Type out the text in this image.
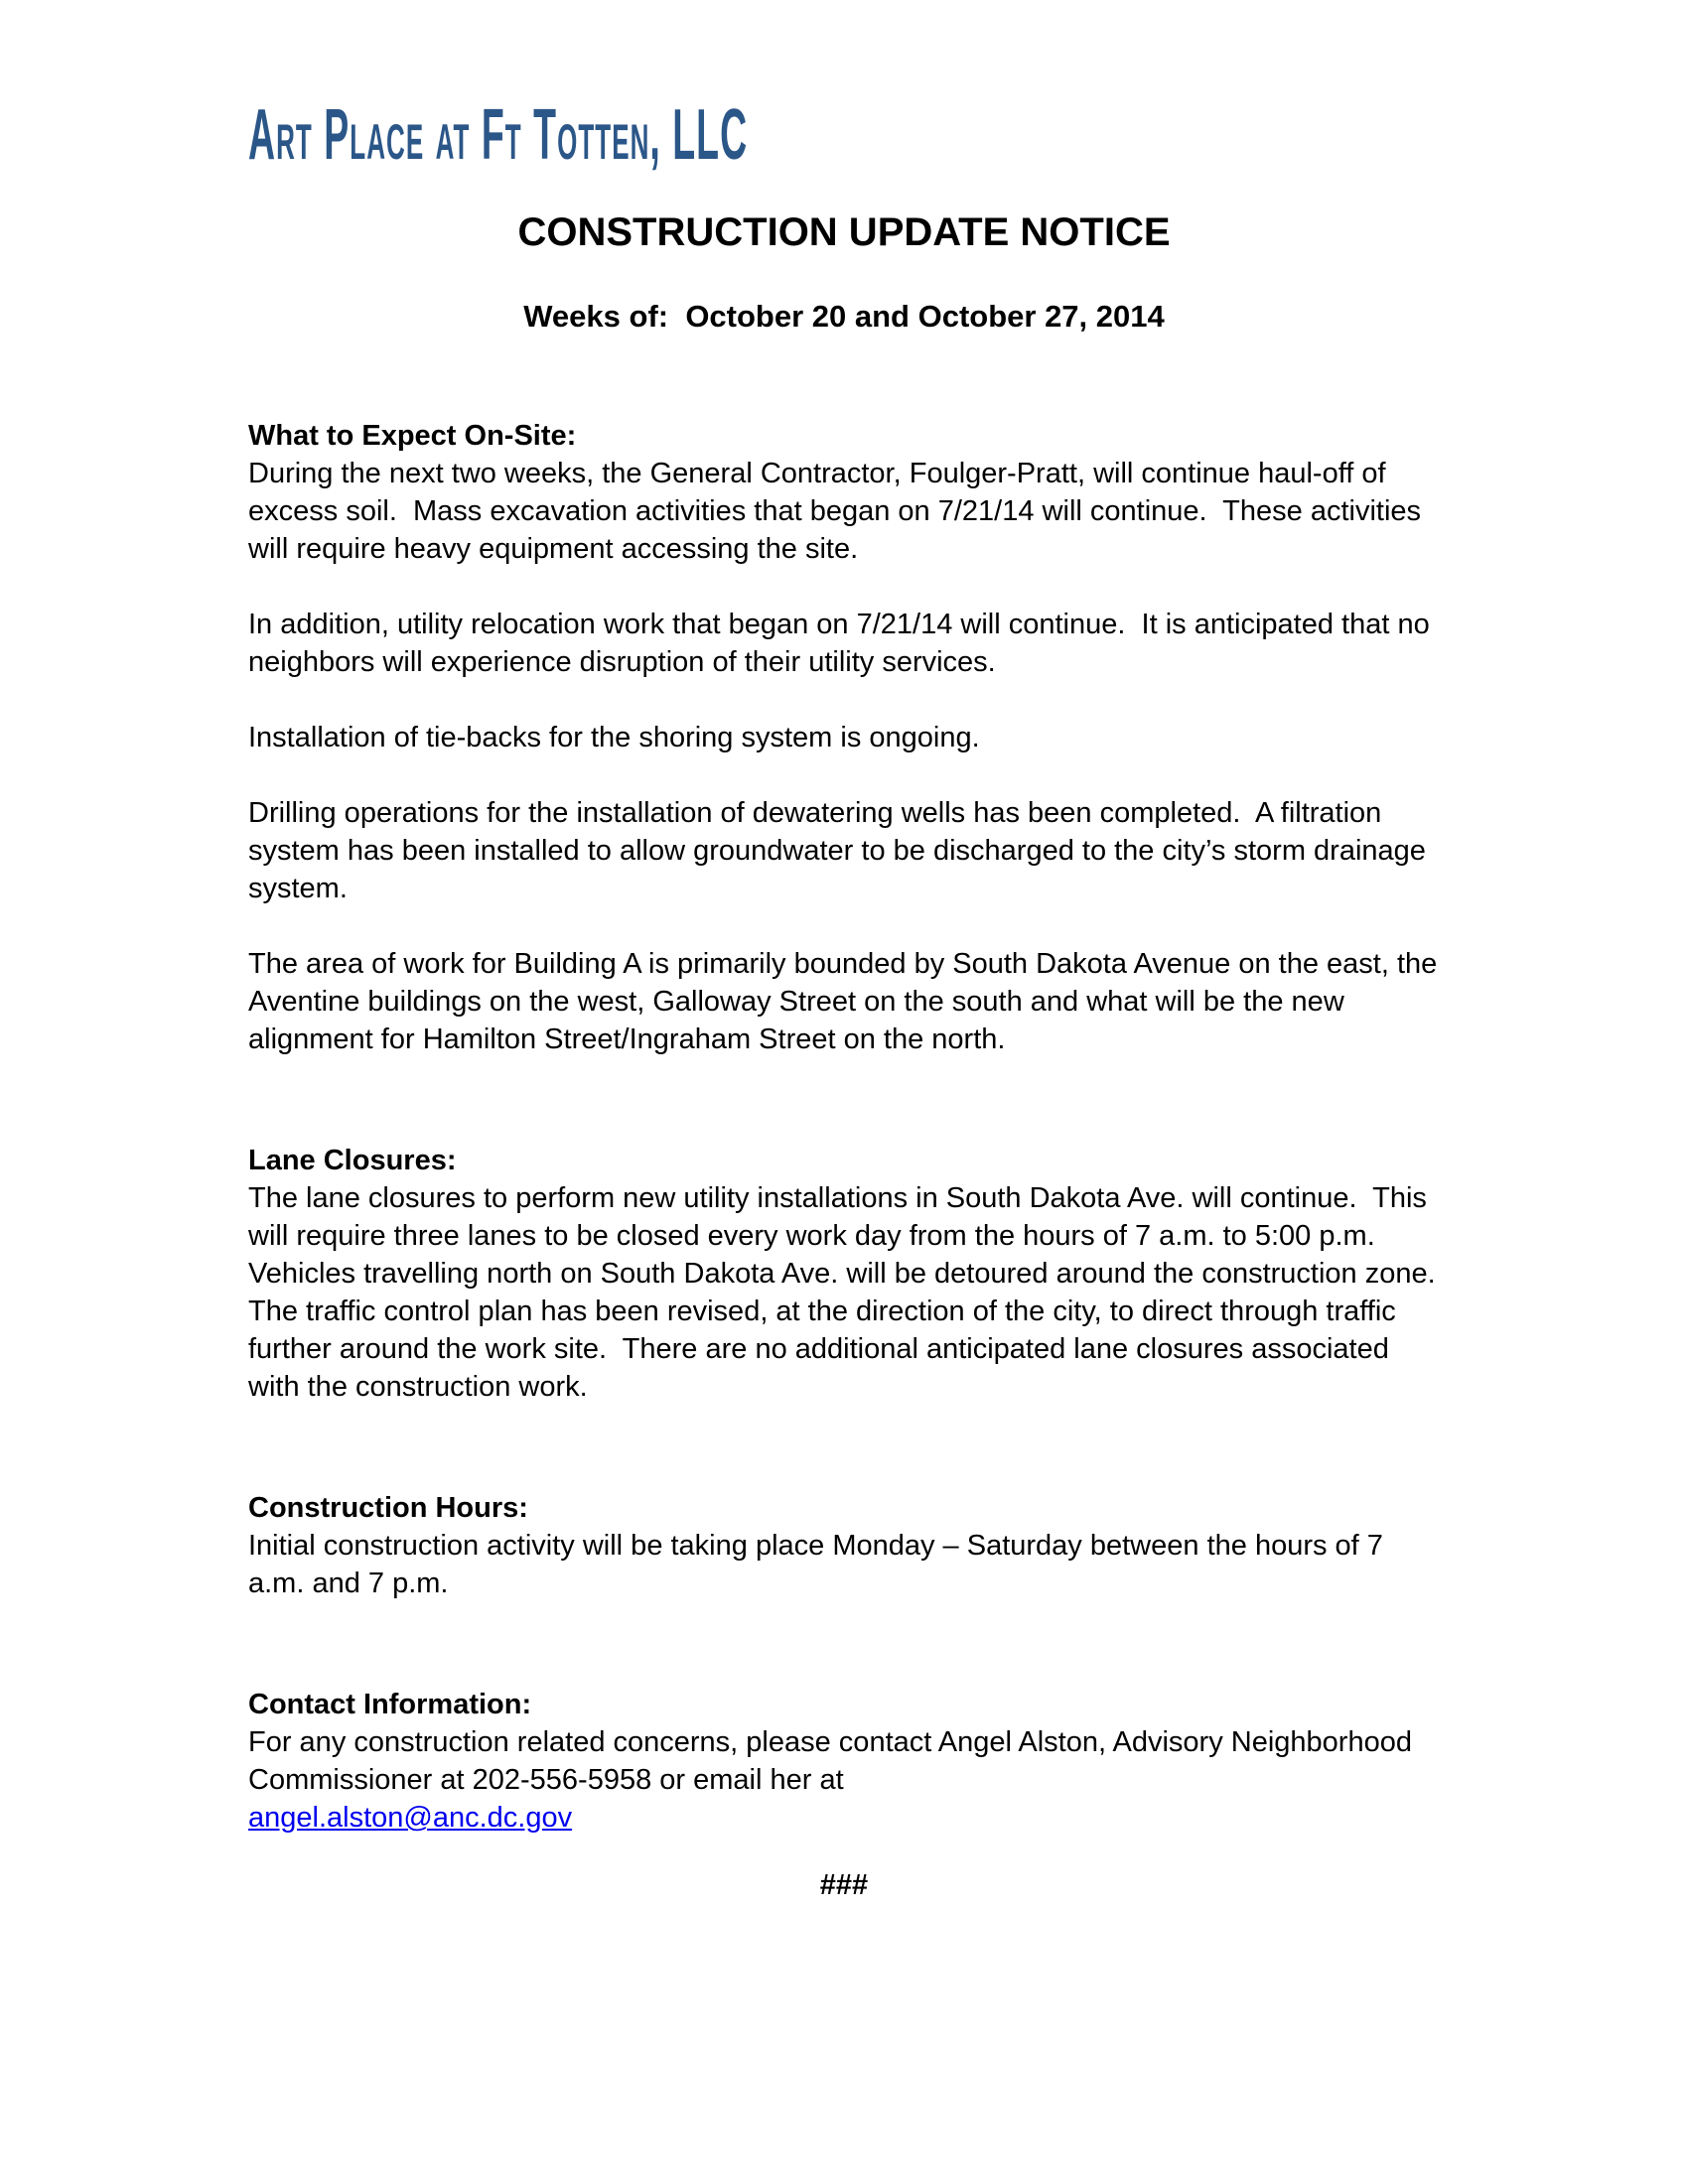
Art Place at Ft Totten, LLC
CONSTRUCTION UPDATE NOTICE
Weeks of:  October 20 and October 27, 2014
What to Expect On-Site:

During the next two weeks, the General Contractor, Foulger-Pratt, will continue haul-off of excess soil.  Mass excavation activities that began on 7/21/14 will continue.  These activities will require heavy equipment accessing the site.

In addition, utility relocation work that began on 7/21/14 will continue.  It is anticipated that no neighbors will experience disruption of their utility services.

Installation of tie-backs for the shoring system is ongoing.

Drilling operations for the installation of dewatering wells has been completed.  A filtration system has been installed to allow groundwater to be discharged to the city’s storm drainage system.

The area of work for Building A is primarily bounded by South Dakota Avenue on the east, the Aventine buildings on the west, Galloway Street on the south and what will be the new alignment for Hamilton Street/Ingraham Street on the north.

Lane Closures:

The lane closures to perform new utility installations in South Dakota Ave. will continue.  This will require three lanes to be closed every work day from the hours of 7 a.m. to 5:00 p.m.  Vehicles travelling north on South Dakota Ave. will be detoured around the construction zone.  The traffic control plan has been revised, at the direction of the city, to direct through traffic further around the work site.  There are no additional anticipated lane closures associated with the construction work.

Construction Hours:

Initial construction activity will be taking place Monday – Saturday between the hours of 7 a.m. and 7 p.m.

Contact Information:

For any construction related concerns, please contact Angel Alston, Advisory Neighborhood Commissioner at 202-556-5958 or email her at

angel.alston@anc.dc.gov
###
